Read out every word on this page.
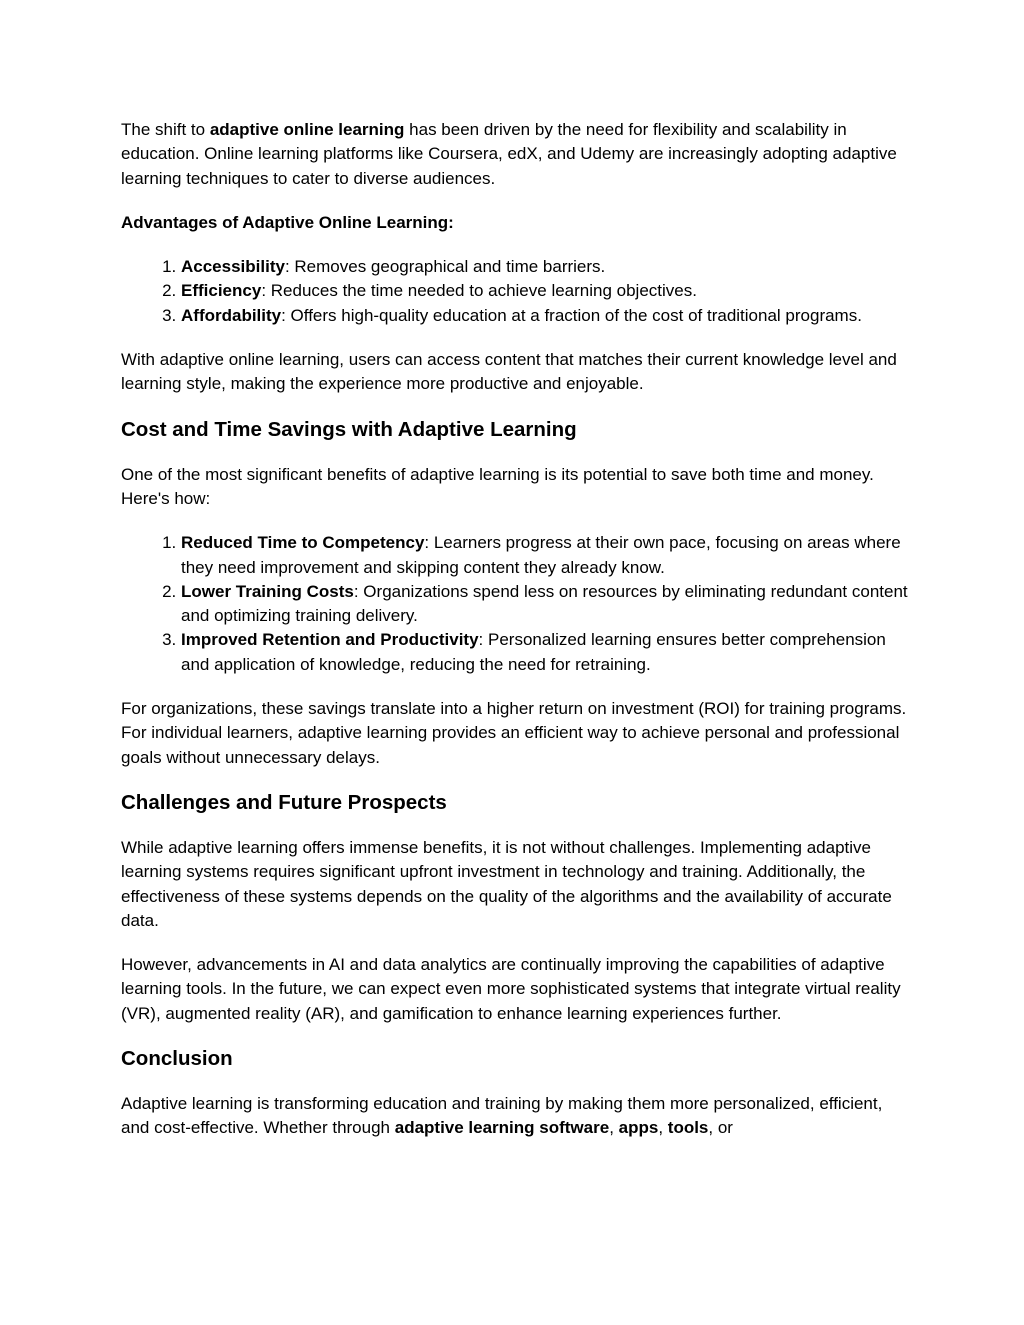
The shift to adaptive online learning has been driven by the need for flexibility and scalability in education. Online learning platforms like Coursera, edX, and Udemy are increasingly adopting adaptive learning techniques to cater to diverse audiences.

Advantages of Adaptive Online Learning:

1. Accessibility: Removes geographical and time barriers.
2. Efficiency: Reduces the time needed to achieve learning objectives.
3. Affordability: Offers high-quality education at a fraction of the cost of traditional programs.

With adaptive online learning, users can access content that matches their current knowledge level and learning style, making the experience more productive and enjoyable.

Cost and Time Savings with Adaptive Learning

One of the most significant benefits of adaptive learning is its potential to save both time and money. Here's how:

1. Reduced Time to Competency: Learners progress at their own pace, focusing on areas where they need improvement and skipping content they already know.
2. Lower Training Costs: Organizations spend less on resources by eliminating redundant content and optimizing training delivery.
3. Improved Retention and Productivity: Personalized learning ensures better comprehension and application of knowledge, reducing the need for retraining.

For organizations, these savings translate into a higher return on investment (ROI) for training programs. For individual learners, adaptive learning provides an efficient way to achieve personal and professional goals without unnecessary delays.

Challenges and Future Prospects

While adaptive learning offers immense benefits, it is not without challenges. Implementing adaptive learning systems requires significant upfront investment in technology and training. Additionally, the effectiveness of these systems depends on the quality of the algorithms and the availability of accurate data.

However, advancements in AI and data analytics are continually improving the capabilities of adaptive learning tools. In the future, we can expect even more sophisticated systems that integrate virtual reality (VR), augmented reality (AR), and gamification to enhance learning experiences further.

Conclusion

Adaptive learning is transforming education and training by making them more personalized, efficient, and cost-effective. Whether through adaptive learning software, apps, tools, or
